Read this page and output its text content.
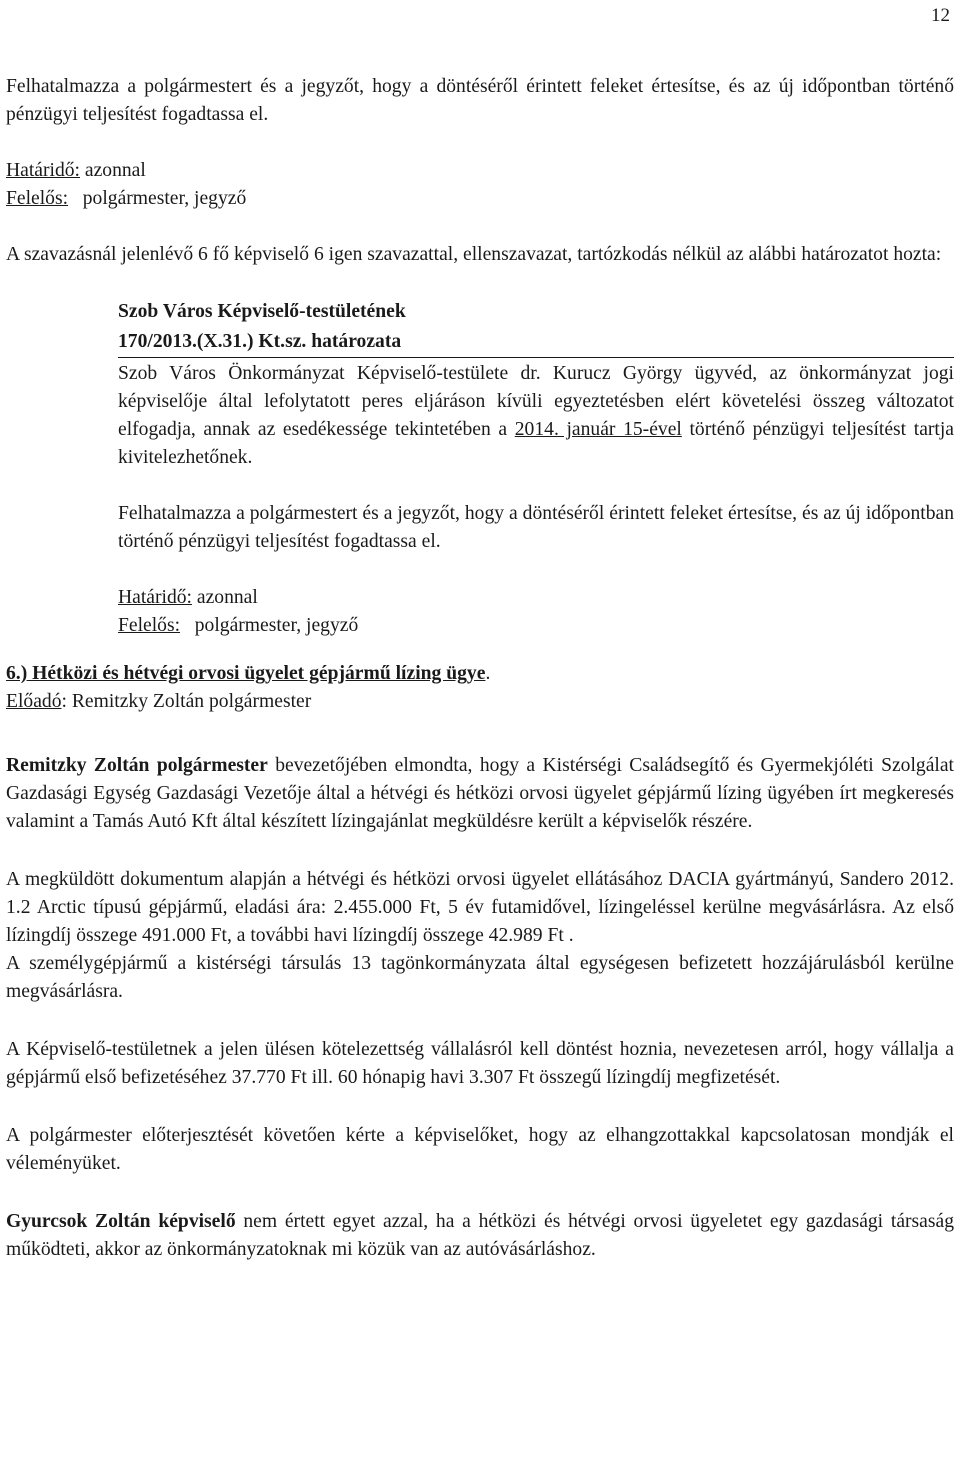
12

Felhatalmazza a polgármestert és a jegyzőt, hogy a döntéséről érintett feleket értesítse, és az új időpontban történő pénzügyi teljesítést fogadtassa el.

Határidő: azonnal
Felelős: polgármester, jegyző

A szavazásnál jelenlévő 6 fő képviselő 6 igen szavazattal, ellenszavazat, tartózkodás nélkül az alábbi határozatot hozta:

Szob Város Képviselő-testületének
170/2013.(X.31.) Kt.sz. határozata

Szob Város Önkormányzat Képviselő-testülete dr. Kurucz György ügyvéd, az önkormányzat jogi képviselője által lefolytatott peres eljáráson kívüli egyeztetésben elért követelési összeg változatot elfogadja, annak az esedékessége tekintetében a 2014. január 15-ével történő pénzügyi teljesítést tartja kivitelezhetőnek.

Felhatalmazza a polgármestert és a jegyzőt, hogy a döntéséről érintett feleket értesítse, és az új időpontban történő pénzügyi teljesítést fogadtassa el.

Határidő: azonnal
Felelős: polgármester, jegyző
6.) Hétközi és hétvégi orvosi ügyelet gépjármű lízing ügye.
Előadó: Remitzky Zoltán polgármester

Remitzky Zoltán polgármester bevezetőjében elmondta, hogy a Kistérségi Családsegítő és Gyermekjóléti Szolgálat Gazdasági Egység Gazdasági Vezetője által a hétvégi és hétközi orvosi ügyelet gépjármű lízing ügyében írt megkeresés valamint a Tamás Autó Kft által készített lízingajánlat megküldésre került a képviselők részére.

A megküldött dokumentum alapján a hétvégi és hétközi orvosi ügyelet ellátásához DACIA gyártmányú, Sandero 2012. 1.2 Arctic típusú gépjármű, eladási ára: 2.455.000 Ft, 5 év futamidővel, lízingeléssel kerülne megvásárlásra. Az első lízingdíj összege 491.000 Ft, a további havi lízingdíj összege 42.989 Ft .

A személygépjármű a kistérségi társulás 13 tagönkormányzata által egységesen befizetett hozzájárulásból kerülne megvásárlásra.

A Képviselő-testületnek a jelen ülésen kötelezettség vállalásról kell döntést hoznia, nevezetesen arról, hogy vállalja a gépjármű első befizetéséhez 37.770 Ft ill. 60 hónapig havi 3.307 Ft összegű lízingdíj megfizetését.

A polgármester előterjesztését követően kérte a képviselőket, hogy az elhangzottakkal kapcsolatosan mondják el véleményüket.

Gyurcsok Zoltán képviselő nem értett egyet azzal, ha a hétközi és hétvégi orvosi ügyeletet egy gazdasági társaság működteti, akkor az önkormányzatoknak mi közük van az autóvásárláshoz.
